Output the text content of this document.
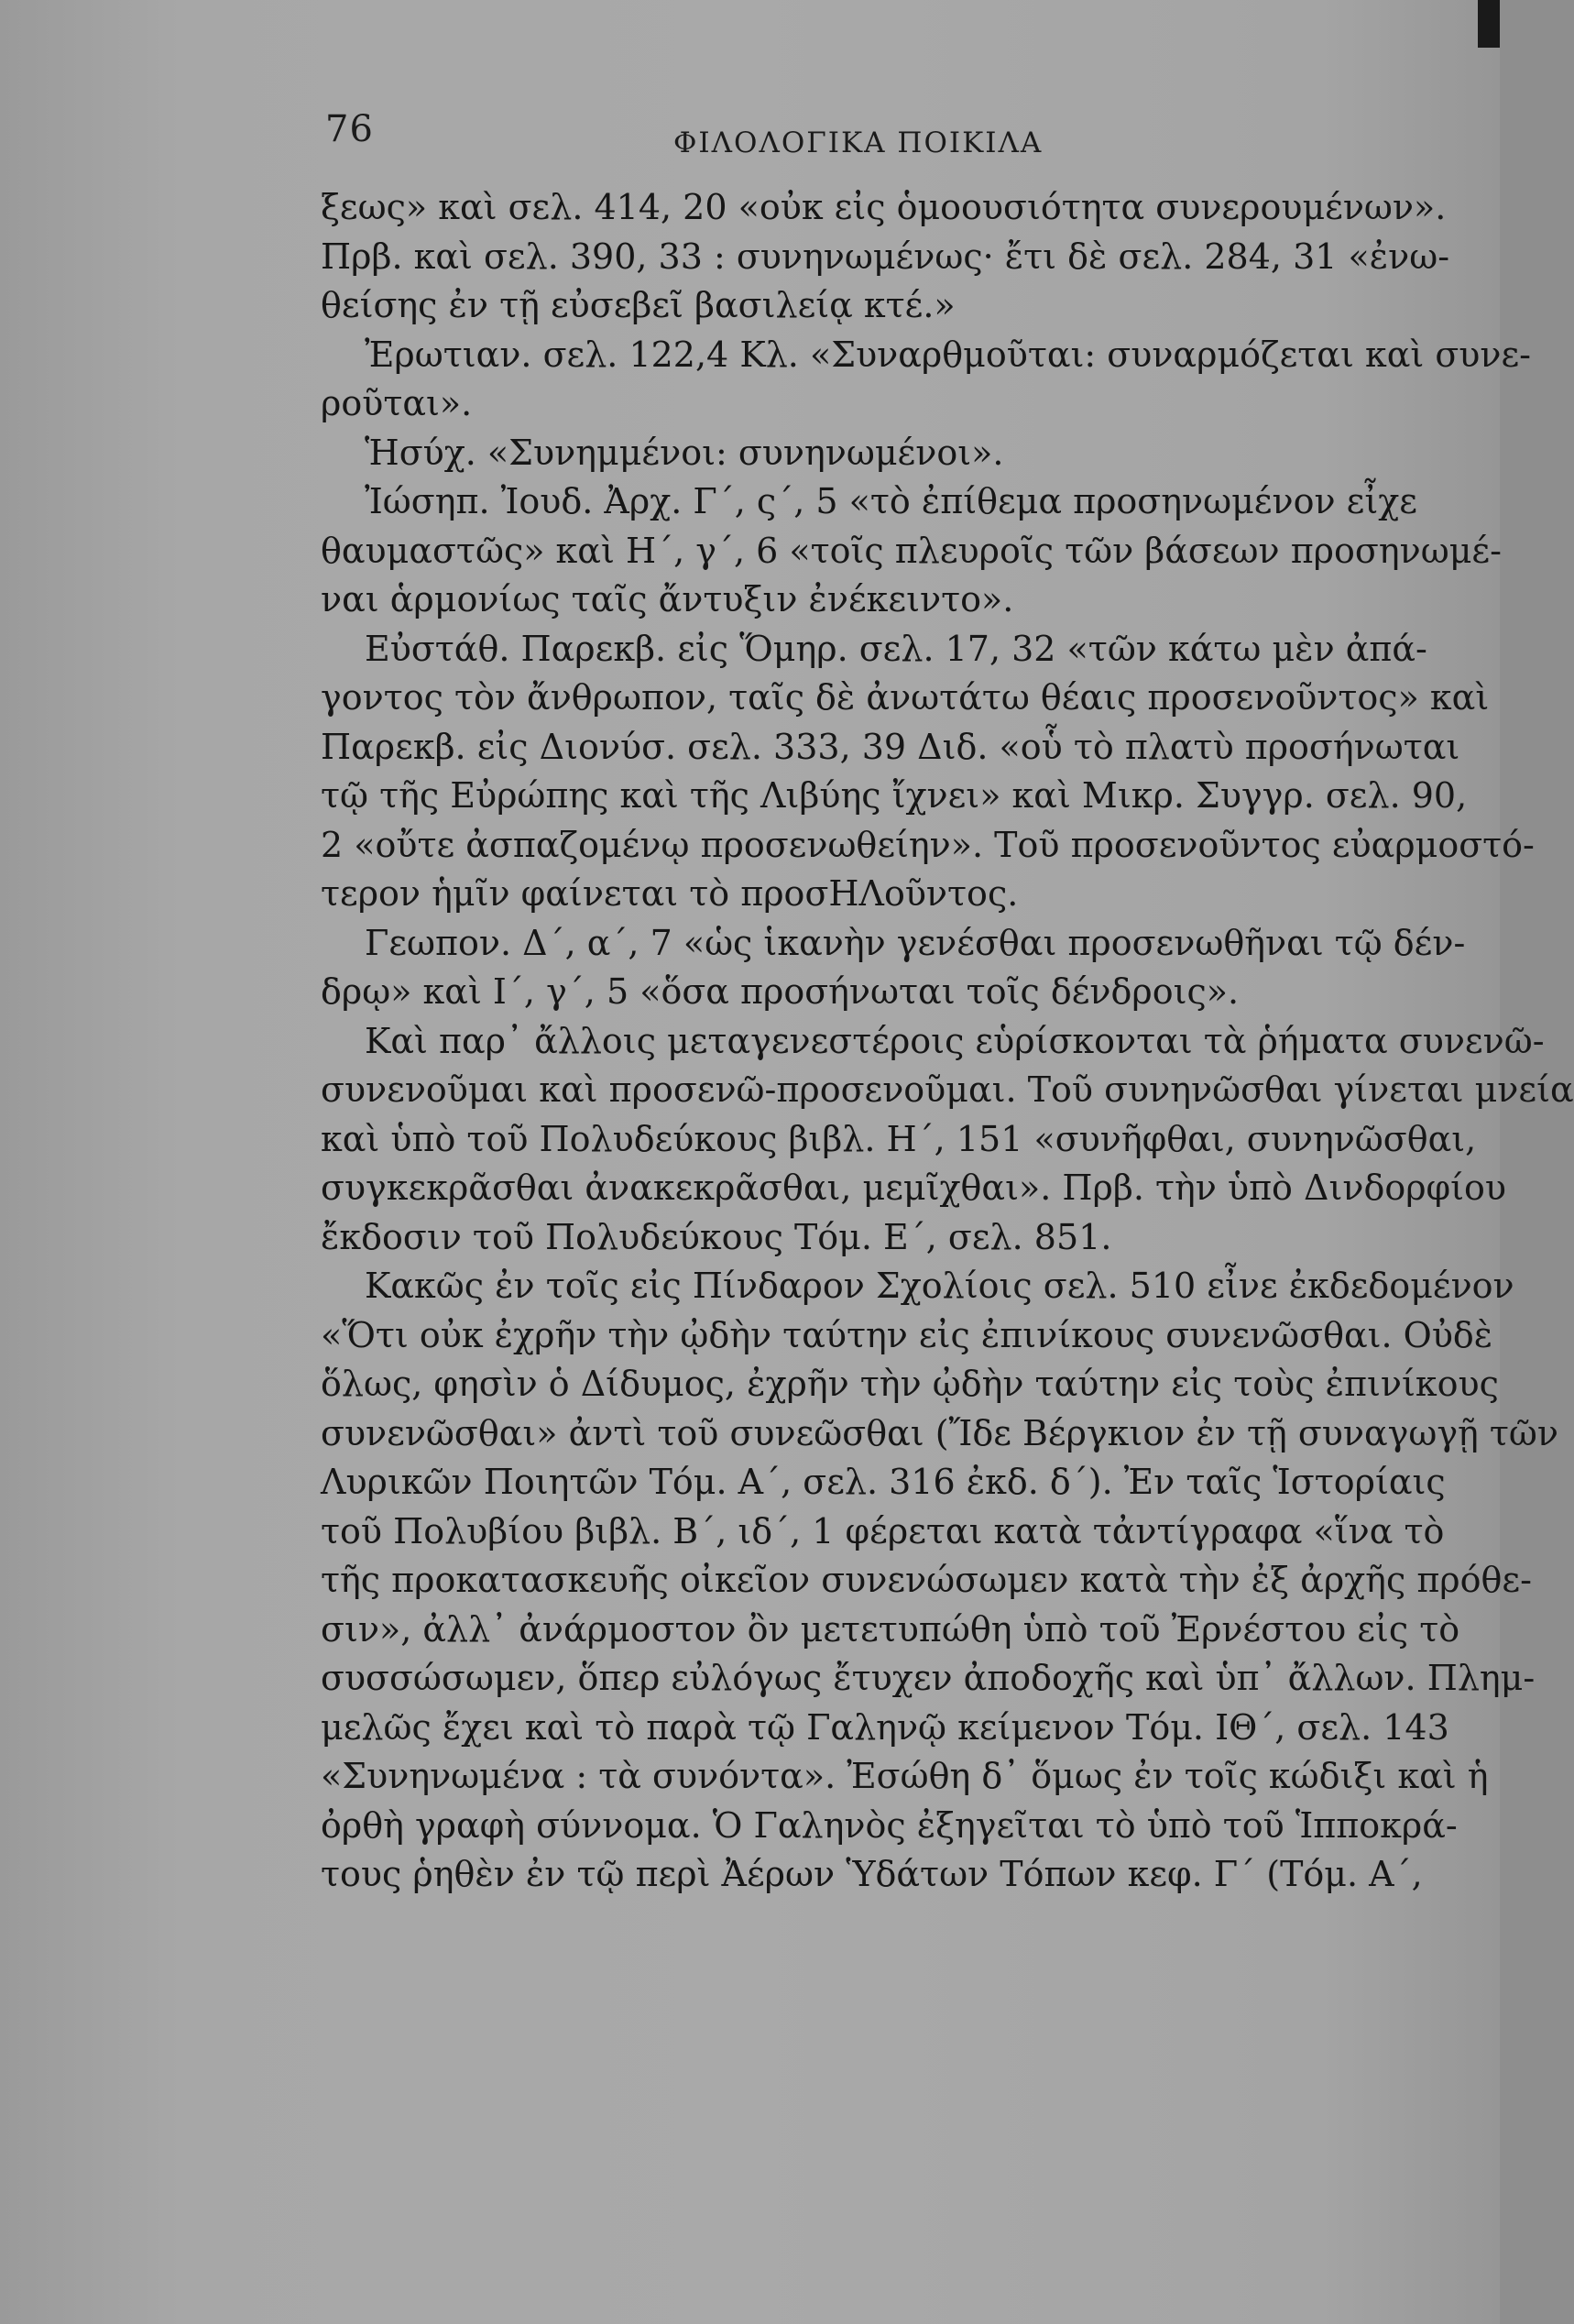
76	ΦΙΛΟΛΟΓΙΚΑ ΠΟΙΚΙΛΑ
ξεως» καὶ σελ. 414, 20 «οὐκ εἰς ὁμοουσιότητα συνερουμένων».
Πρβ. καὶ σελ. 390, 33 : συνηνωμένως· ἔτι δὲ σελ. 284, 31 «ἐνω-
θείσης ἐν τῇ εὐσεβεῖ βασιλείᾳ κτέ.»
Ἐρωτιαν. σελ. 122,4 Κλ. «Συναρθμοῦται: συναρμόζεται καὶ συνε-
ροῦται».
Ἡσύχ. «Συνημμένοι: συνηνωμένοι».
Ἰώσηπ. Ἰουδ. Ἀρχ. Γ΄, ς΄, 5 «τὸ ἐπίθεμα προσηνωμένον εἶχε
θαυμαστῶς» καὶ Η΄, γ΄, 6 «τοῖς πλευροῖς τῶν βάσεων προσηνωμέ-
ναι ἁρμονίως ταῖς ἄντυξιν ἐνέκειντο».
Εὐστάθ. Παρεκβ. εἰς Ὅμηρ. σελ. 17, 32 «τῶν κάτω μὲν ἀπά-
γοντος τὸν ἄνθρωπον, ταῖς δὲ ἀνωτάτω θέαις προσενοῦντος» καὶ
Παρεκβ. εἰς Διονύσ. σελ. 333, 39 Διδ. «οὗ τὸ πλατὺ προσήνωται
τῷ τῆς Εὐρώπης καὶ τῆς Λιβύης ἴχνει» καὶ Μικρ. Συγγρ. σελ. 90,
2 «οὔτε ἀσπαζομένῳ προσενωθείην». Τοῦ προσενοῦντος εὐαρμοστό-
τερον ἡμῖν φαίνεται τὸ προσΗΛοῦντος.
Γεωπον. Δ΄, α΄, 7 «ὡς ἱκανὴν γενέσθαι προσενωθῆναι τῷ δέν-
δρῳ» καὶ Ι΄, γ΄, 5 «ὅσα προσήνωται τοῖς δένδροις».
Καὶ παρ᾽ ἄλλοις μεταγενεστέροις εὑρίσκονται τὰ ῥήματα συνενῶ-
συνενοῦμαι καὶ προσενῶ-προσενοῦμαι. Τοῦ συνηνῶσθαι γίνεται μνεία
καὶ ὑπὸ τοῦ Πολυδεύκους βιβλ. Η΄, 151 «συνῆφθαι, συνηνῶσθαι,
συγκεκρᾶσθαι ἀνακεκρᾶσθαι, μεμῖχθαι». Πρβ. τὴν ὑπὸ Δινδορφίου
ἔκδοσιν τοῦ Πολυδεύκους Τόμ. Ε΄, σελ. 851.
Κακῶς ἐν τοῖς εἰς Πίνδαρον Σχολίοις σελ. 510 εἶνε ἐκδεδομένον
«Ὅτι οὐκ ἐχρῆν τὴν ᾠδὴν ταύτην εἰς ἐπινίκους συνενῶσθαι. Οὐδὲ
ὅλως, φησὶν ὁ Δίδυμος, ἐχρῆν τὴν ᾠδὴν ταύτην εἰς τοὺς ἐπινίκους
συνενῶσθαι» ἀντὶ τοῦ συνεῶσθαι (Ἴδε Βέργκιον ἐν τῇ συναγωγῇ τῶν
Λυρικῶν Ποιητῶν Τόμ. Α΄, σελ. 316 ἐκδ. δ΄). Ἐν ταῖς Ἱστορίαις
τοῦ Πολυβίου βιβλ. Β΄, ιδ΄, 1 φέρεται κατὰ τἀντίγραφα «ἵνα τὸ
τῆς προκατασκευῆς οἰκεῖον συνενώσωμεν κατὰ τὴν ἐξ ἀρχῆς πρόθε-
σιν», ἀλλ᾽ ἀνάρμοστον ὂν μετετυπώθη ὑπὸ τοῦ Ἐρνέστου εἰς τὸ
συσσώσωμεν, ὅπερ εὐλόγως ἔτυχεν ἀποδοχῆς καὶ ὑπ᾽ ἄλλων. Πλημ-
μελῶς ἔχει καὶ τὸ παρὰ τῷ Γαληνῷ κείμενον Τόμ. ΙΘ΄, σελ. 143
«Συνηνωμένα : τὰ συνόντα». Ἐσώθη δ᾽ ὅμως ἐν τοῖς κώδιξι καὶ ἡ
ὀρθὴ γραφὴ σύννομα. Ὁ Γαληνὸς ἐξηγεῖται τὸ ὑπὸ τοῦ Ἱπποκρά-
τους ῥηθὲν ἐν τῷ περὶ Ἀέρων Ὑδάτων Τόπων κεφ. Γ΄ (Τόμ. Α΄,
